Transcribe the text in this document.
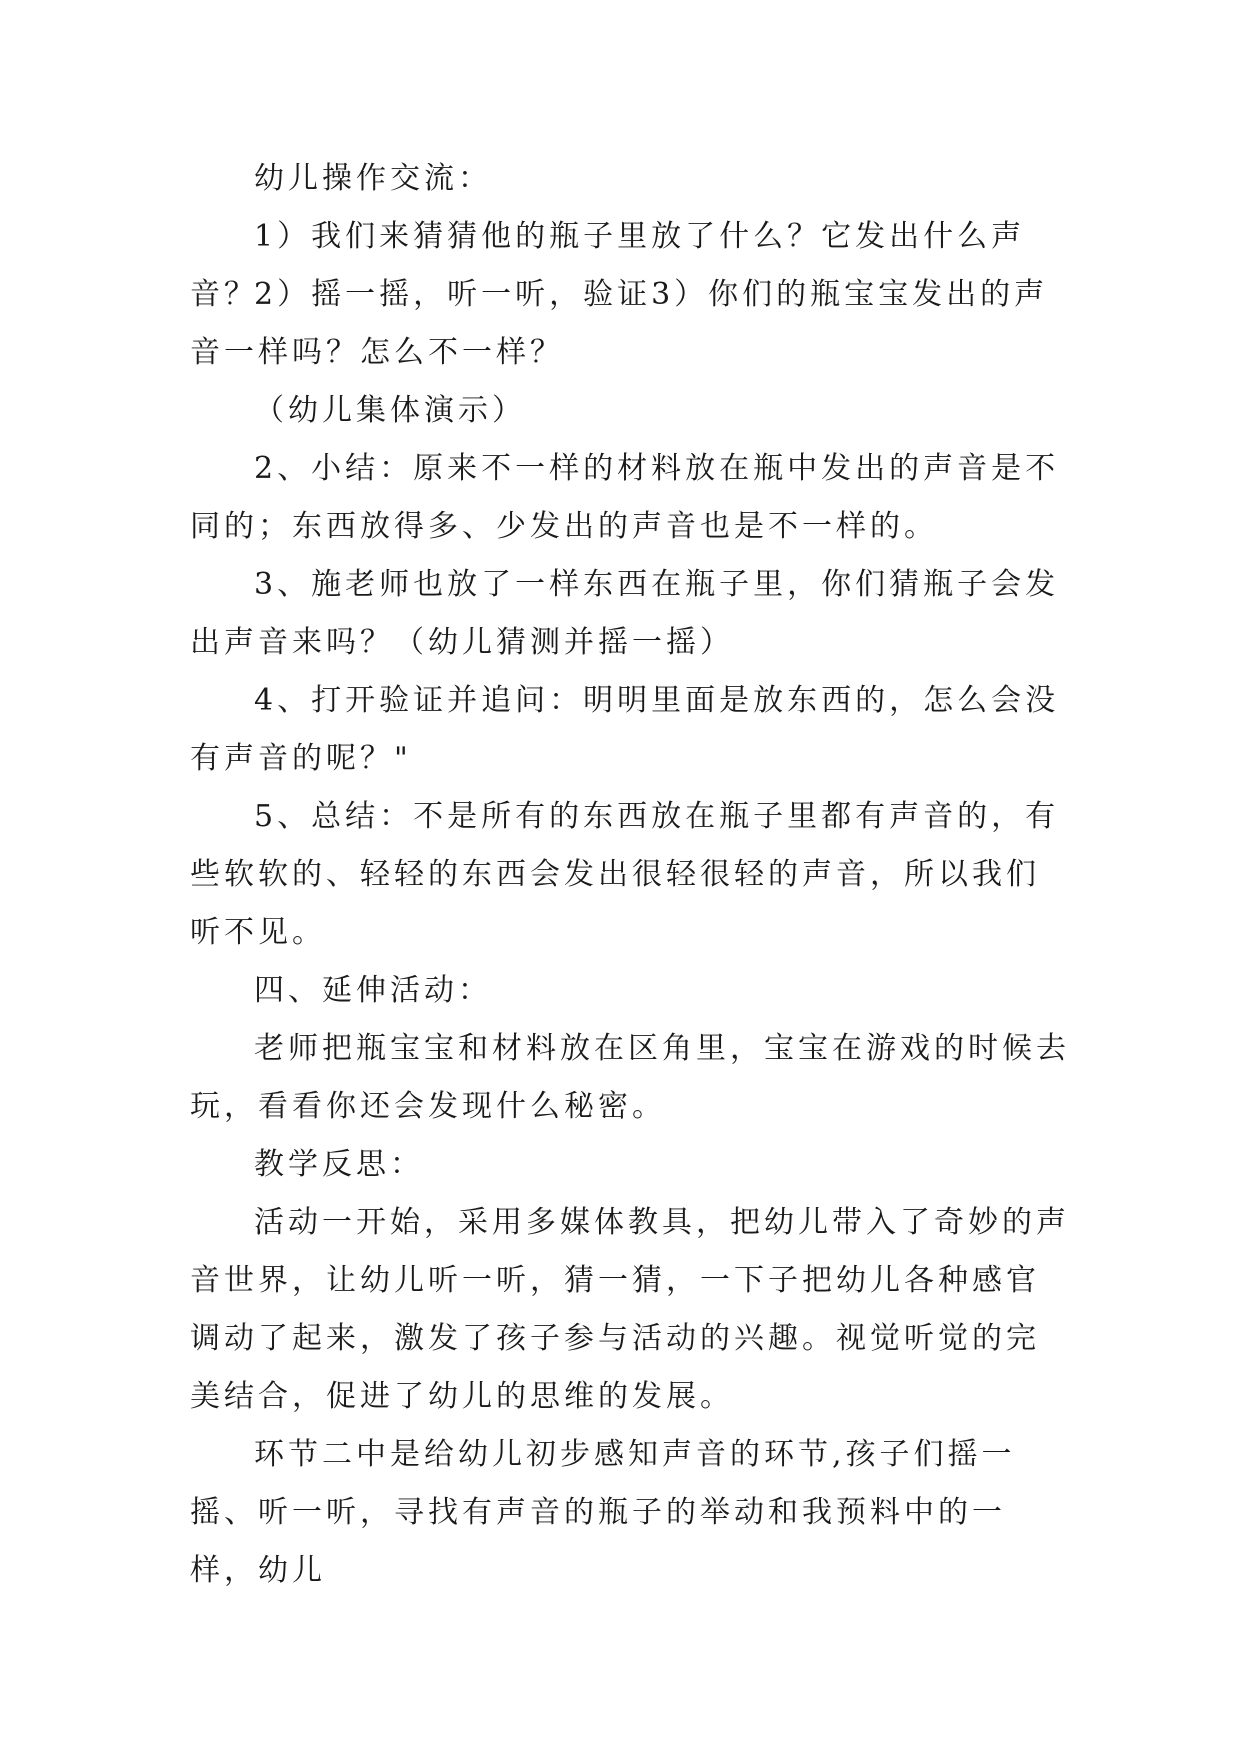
幼儿操作交流：

1）我们来猜猜他的瓶子里放了什么？它发出什么声音？

2）摇一摇，听一听，验证3）你们的瓶宝宝发出的声音一样吗？怎么不一样？

（幼儿集体演示）

2、小结：原来不一样的材料放在瓶中发出的声音是不同的；东西放得多、少发出的声音也是不一样的。

3、施老师也放了一样东西在瓶子里，你们猜瓶子会发出声音来吗？（幼儿猜测并摇一摇）

4、打开验证并追问：明明里面是放东西的，怎么会没有声音的呢？"

5、总结：不是所有的东西放在瓶子里都有声音的，有些软软的、轻轻的东西会发出很轻很轻的声音，所以我们听不见。

四、延伸活动：

老师把瓶宝宝和材料放在区角里，宝宝在游戏的时候去玩，看看你还会发现什么秘密。

教学反思：

活动一开始，采用多媒体教具，把幼儿带入了奇妙的声音世界，让幼儿听一听，猜一猜，一下子把幼儿各种感官调动了起来，激发了孩子参与活动的兴趣。视觉听觉的完美结合，促进了幼儿的思维的发展。

环节二中是给幼儿初步感知声音的环节,孩子们摇一摇、听一听，寻找有声音的瓶子的举动和我预料中的一样，幼儿
